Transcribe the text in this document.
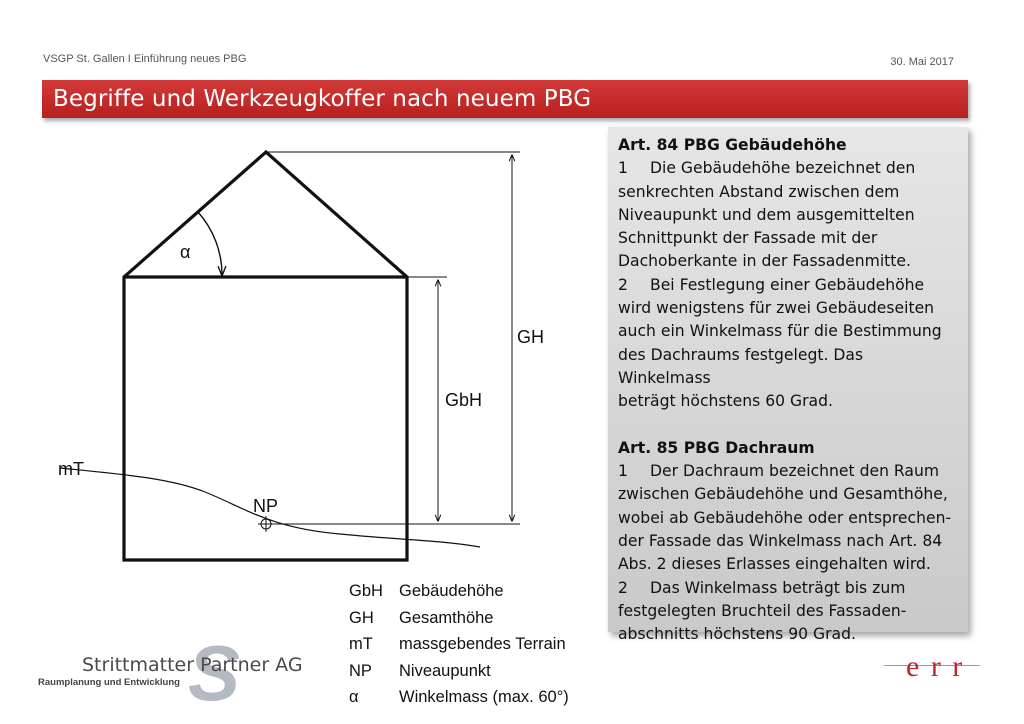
VSGP St. Gallen I Einführung neues PBG	30. Mai 2017
Begriffe und Werkzeugkoffer nach neuem PBG
α
GH
GbH
mT
NP
GbH Gebäudehöhe
GH	Gesamthöhe
mT	massgebendes Terrain
NP	Niveaupunkt
α	Winkelmass (max. 60°)

Art. 84 PBG Gebäudehöhe

1 Die Gebäudehöhe bezeichnet den

senkrechten Abstand zwischen dem

Niveaupunkt und dem ausgemittelten

Schnittpunkt der Fassade mit der

Dachoberkante in der Fassadenmitte.

2 Bei Festlegung einer Gebäudehöhe

wird wenigstens für zwei Gebäudeseiten

auch ein Winkelmass für die Bestimmung

des Dachraums festgelegt. Das Winkelmass

beträgt höchstens 60 Grad.

Art. 85 PBG Dachraum

1 Der Dachraum bezeichnet den Raum

zwischen Gebäudehöhe und Gesamthöhe,

wobei ab Gebäudehöhe oder entsprechen-

der Fassade das Winkelmass nach Art. 84

Abs. 2 dieses Erlasses eingehalten wird.

2 Das Winkelmass beträgt bis zum

festgelegten Bruchteil des Fassaden-

abschnitts höchstens 90 Grad.

S
Strittmatter Partner AG
Raumplanung und Entwicklung	e r r
